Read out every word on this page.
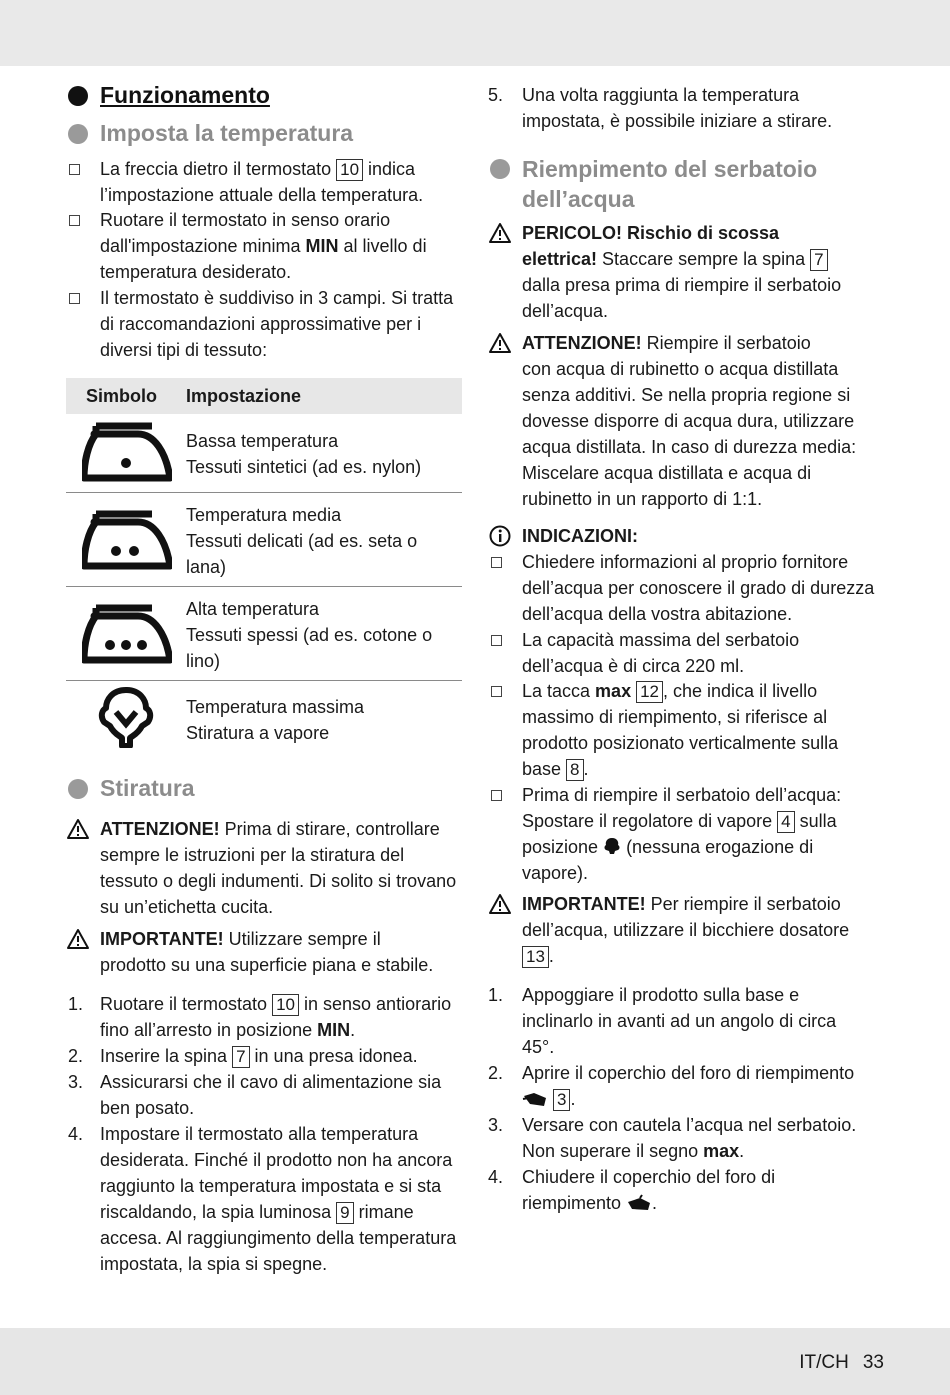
Funzionamento
Imposta la temperatura
La freccia dietro il termostato 10 indica
l’impostazione attuale della temperatura.
Ruotare il termostato in senso orario
dall'impostazione minima MIN al livello di
temperatura desiderato.
Il termostato è suddiviso in 3 campi. Si tratta
di raccomandazioni approssimative per i
diversi tipi di tessuto:
Simbolo Impostazione
Bassa temperatura
Tessuti sintetici (ad es. nylon)
Temperatura media
Tessuti delicati (ad es. seta o
lana)
Alta temperatura
Tessuti spessi (ad es. cotone o
lino)
Temperatura massima
Stiratura a vapore
Stiratura
ATTENZIONE! Prima di stirare, controllare
sempre le istruzioni per la stiratura del
tessuto o degli indumenti. Di solito si trovano
su un’etichetta cucita.
IMPORTANTE! Utilizzare sempre il
prodotto su una superficie piana e stabile.
1. Ruotare il termostato 10 in senso antiorario
fino all’arresto in posizione MIN.
2. Inserire la spina 7 in una presa idonea.
3. Assicurarsi che il cavo di alimentazione sia
ben posato.
4. Impostare il termostato alla temperatura
desiderata. Finché il prodotto non ha ancora
raggiunto la temperatura impostata e si sta
riscaldando, la spia luminosa 9 rimane
accesa. Al raggiungimento della temperatura
impostata, la spia si spegne.
5. Una volta raggiunta la temperatura
impostata, è possibile iniziare a stirare.
Riempimento del serbatoio
dell’acqua
PERICOLO! Rischio di scossa
elettrica! Staccare sempre la spina 7
dalla presa prima di riempire il serbatoio
dell’acqua.
ATTENZIONE! Riempire il serbatoio
con acqua di rubinetto o acqua distillata
senza additivi. Se nella propria regione si
dovesse disporre di acqua dura, utilizzare
acqua distillata. In caso di durezza media:
Miscelare acqua distillata e acqua di
rubinetto in un rapporto di 1:1.
INDICAZIONI:
Chiedere informazioni al proprio fornitore
dell’acqua per conoscere il grado di durezza
dell’acqua della vostra abitazione.
La capacità massima del serbatoio
dell’acqua è di circa 220 ml.
La tacca max 12 , che indica il livello
massimo di riempimento, si riferisce al
prodotto posizionato verticalmente sulla
base 8 .
Prima di riempire il serbatoio dell’acqua:
Spostare il regolatore di vapore 4 sulla
posizione  (nessuna erogazione di
vapore).
IMPORTANTE! Per riempire il serbatoio
dell’acqua, utilizzare il bicchiere dosatore
13 .
1. Appoggiare il prodotto sulla base e
inclinarlo in avanti ad un angolo di circa
45°.
2. Aprire il coperchio del foro di riempimento
3 .
3. Versare con cautela l’acqua nel serbatoio.
Non superare il segno max.
4. Chiudere il coperchio del foro di
riempimento .
IT/CH 33
